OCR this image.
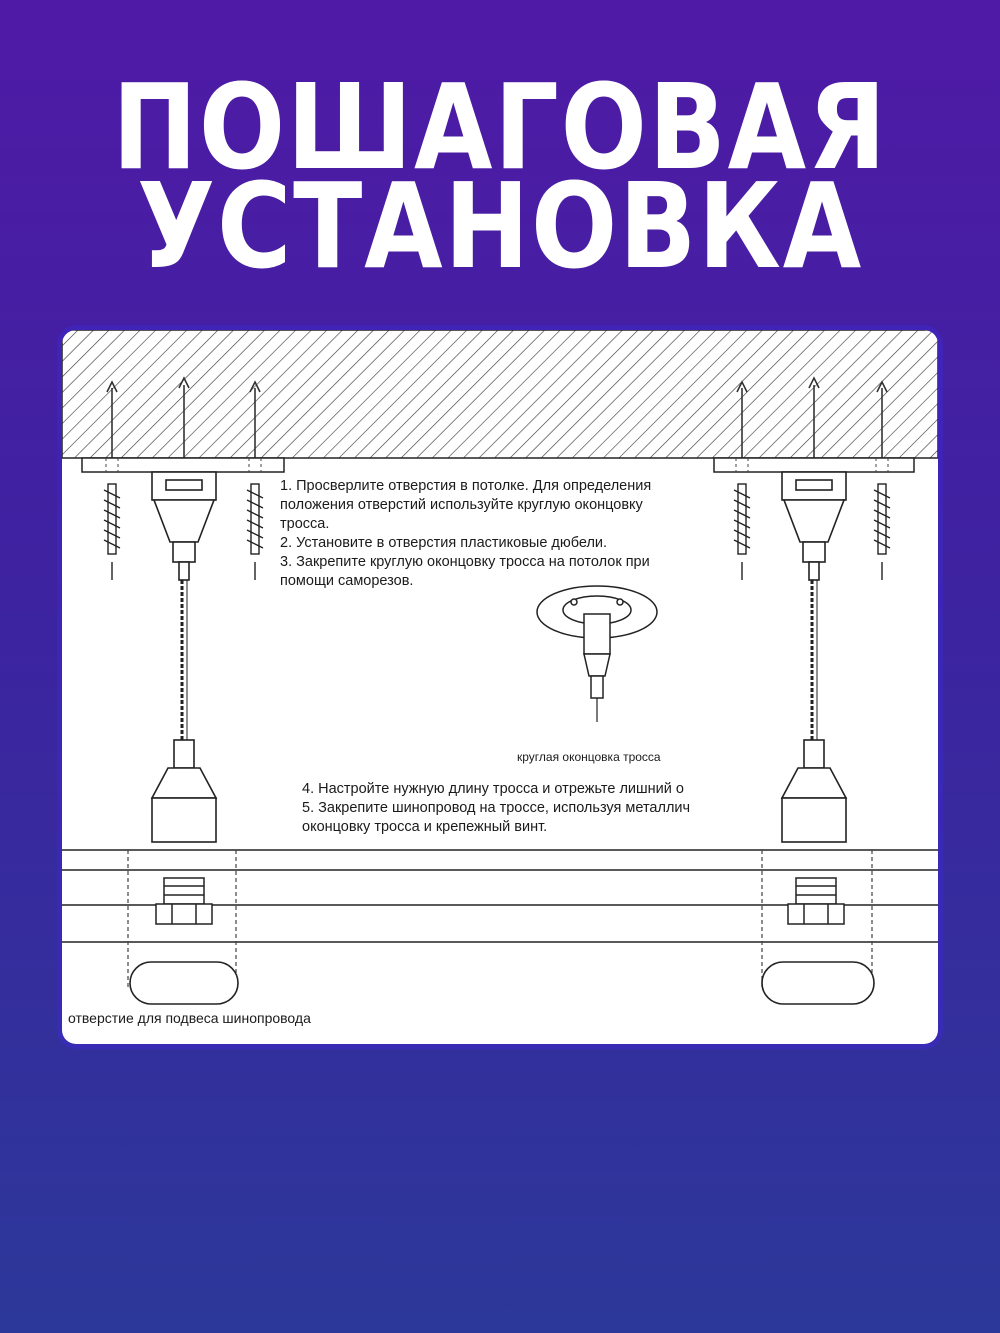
ПОШАГОВАЯ
УСТАНОВКА
1. Просверлите отверстия в потолке. Для определения
положения отверстий используйте круглую оконцовку
тросса.
2. Установите в отверстия пластиковые дюбели.
3. Закрепите круглую оконцовку тросса на потолок при
помощи саморезов.
круглая оконцовка тросса
4. Настройте нужную длину тросса и отрежьте лишний о
5. Закрепите шинопровод на троссе, используя металлич
оконцовку тросса и крепежный винт.
отверстие для подвеса шинопровода
